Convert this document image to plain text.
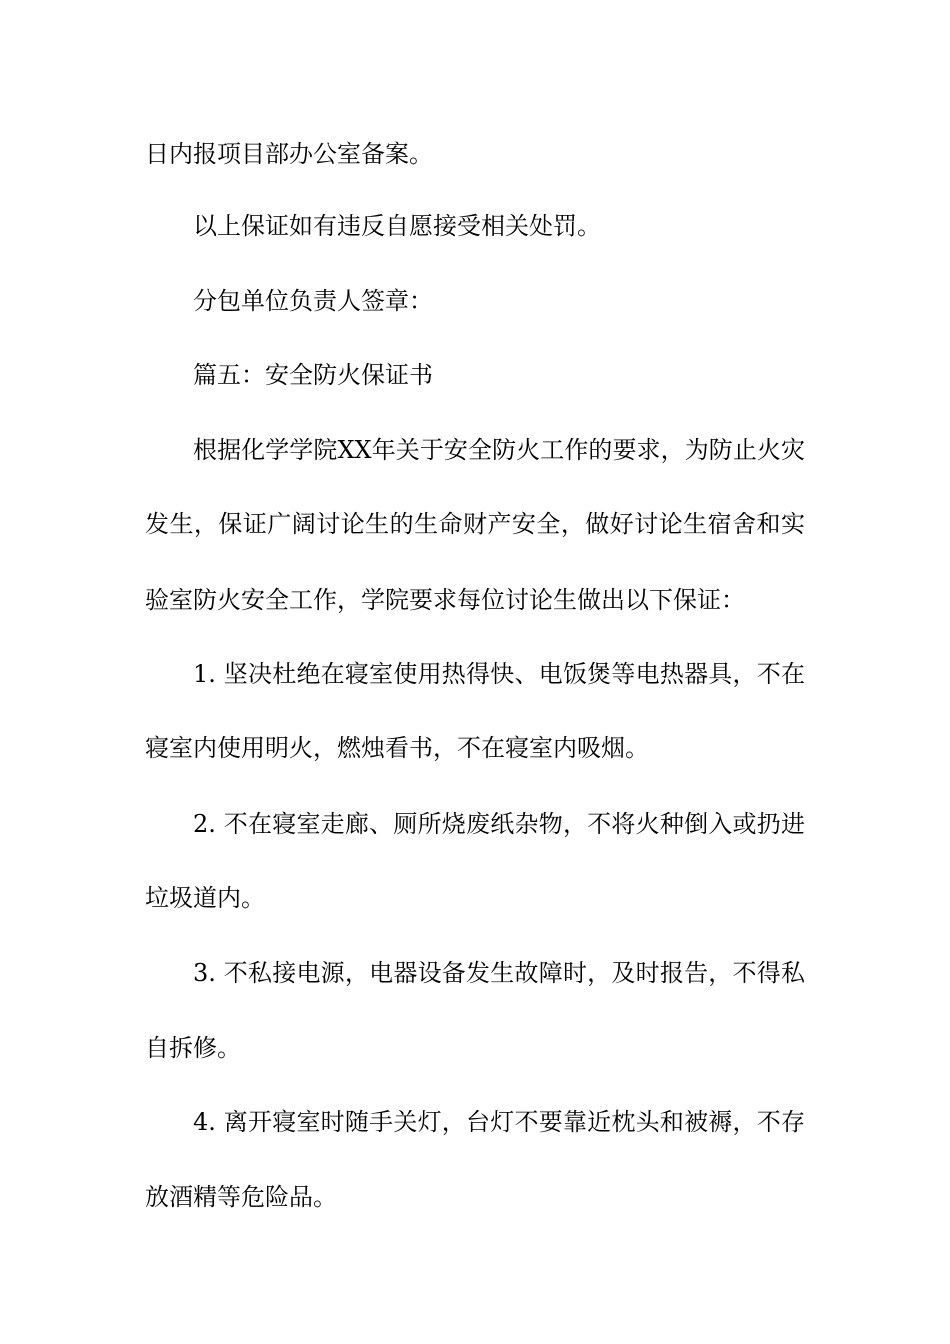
日内报项目部办公室备案。
以上保证如有违反自愿接受相关处罚。
分包单位负责人签章：
篇五：安全防火保证书
根据化学学院XX年关于安全防火工作的要求，为防止火灾
发生，保证广阔讨论生的生命财产安全，做好讨论生宿舍和实
验室防火安全工作，学院要求每位讨论生做出以下保证：
1. 坚决杜绝在寝室使用热得快、电饭煲等电热器具，不在
寝室内使用明火，燃烛看书，不在寝室内吸烟。
2. 不在寝室走廊、厕所烧废纸杂物，不将火种倒入或扔进
垃圾道内。
3. 不私接电源，电器设备发生故障时，及时报告，不得私
自拆修。
4. 离开寝室时随手关灯，台灯不要靠近枕头和被褥，不存
放酒精等危险品。
